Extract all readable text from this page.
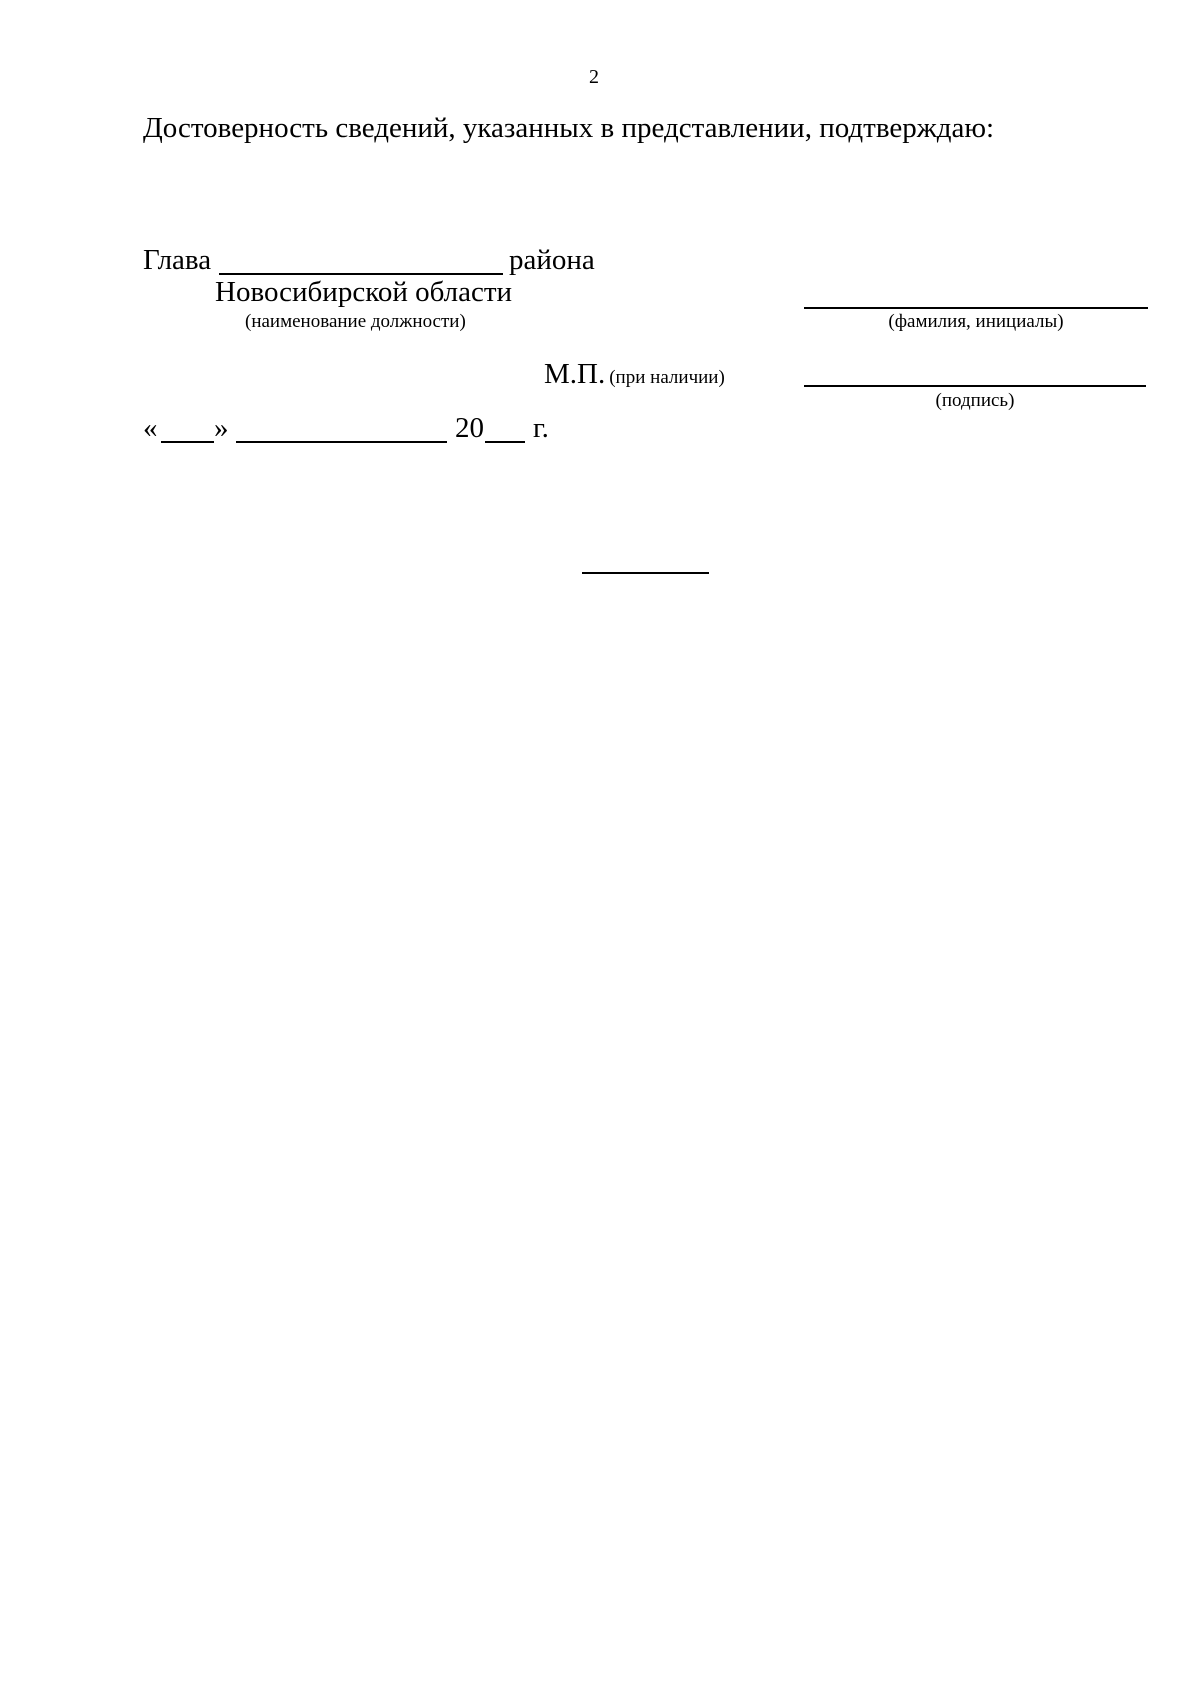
2
Достоверность сведений, указанных в представлении, подтверждаю:
Глава	района
Новосибирской области
(наименование должности)	(фамилия, инициалы)
М.П. (при наличии)
(подпись)
« »	20 г.
